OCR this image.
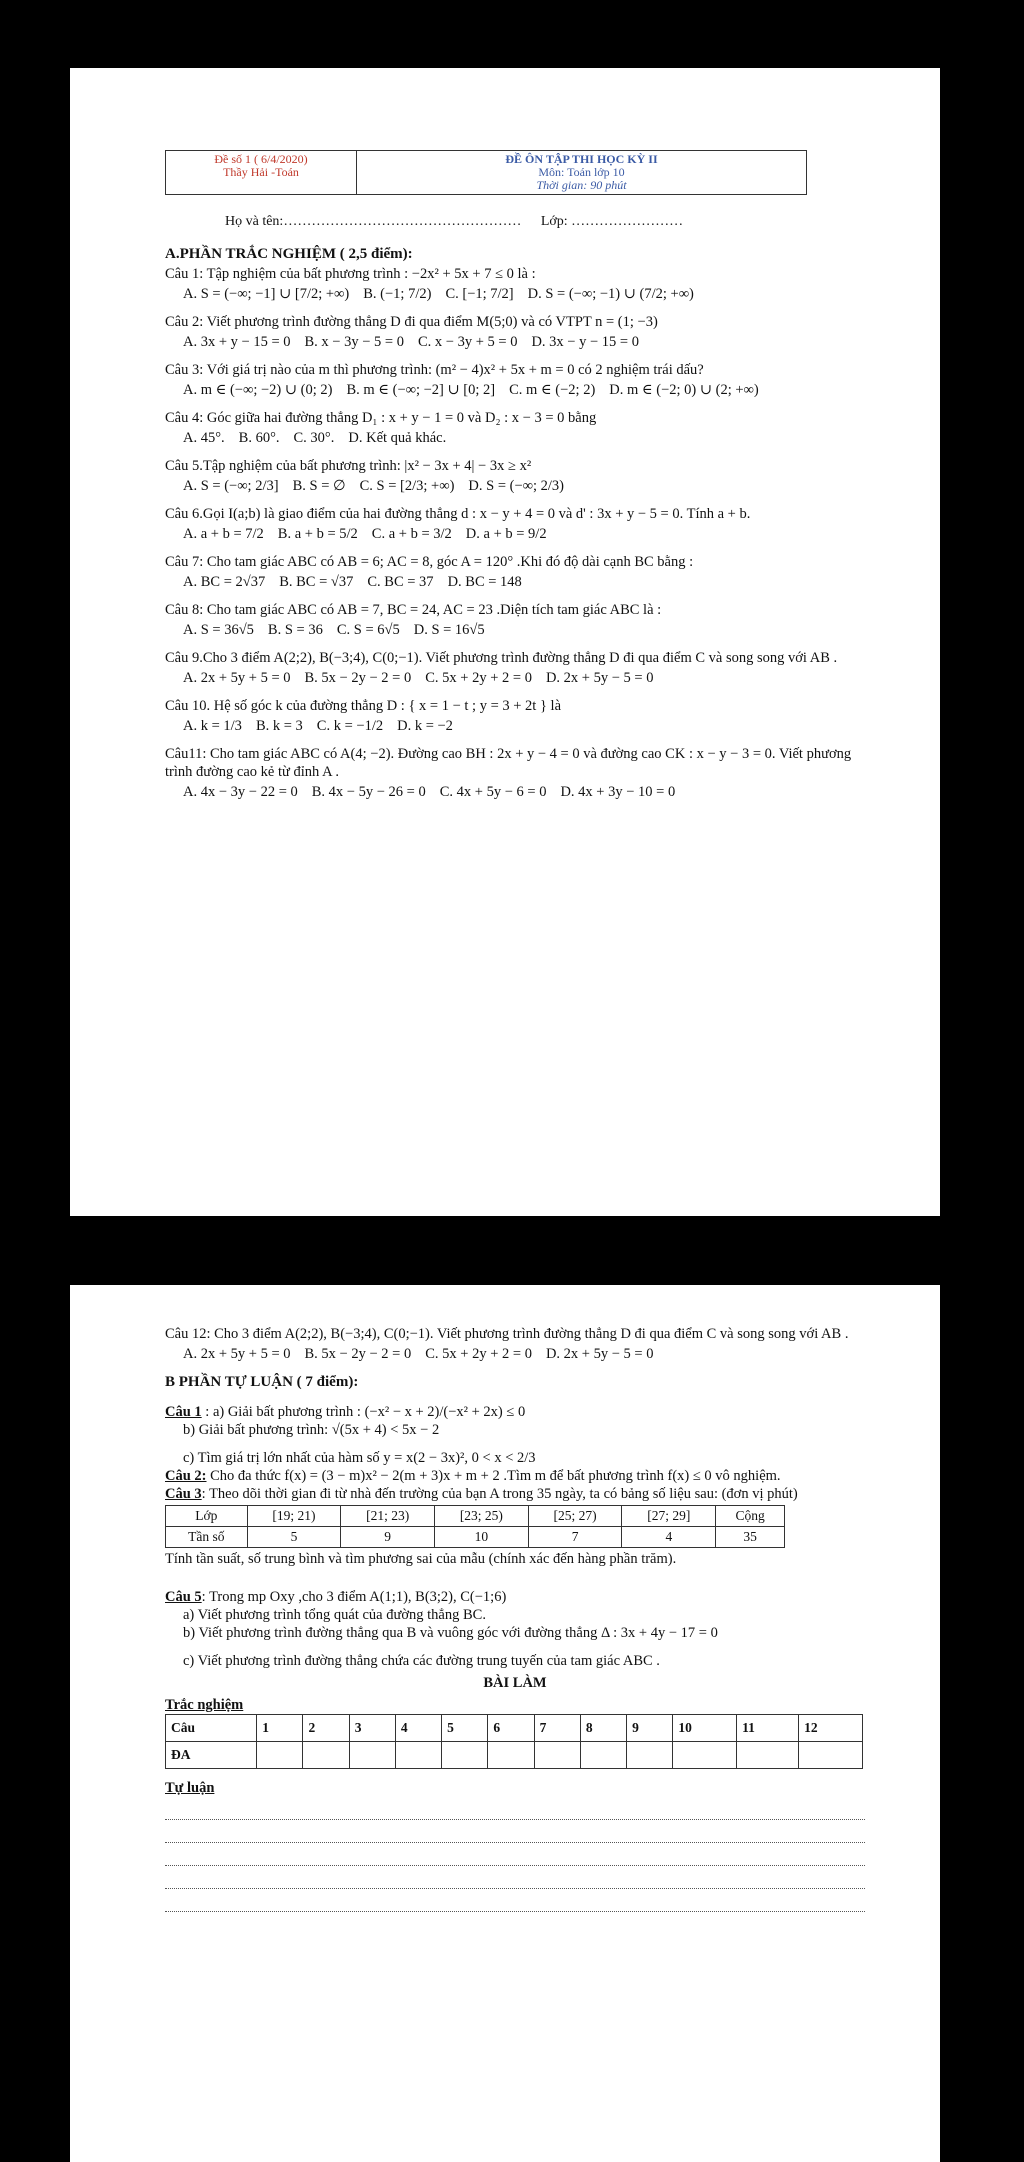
Đề số 1 ( 6/4/2020)
Thầy Hải -Toán
ĐỀ ÔN TẬP THI HỌC KỲ II
Môn: Toán lớp 10
Thời gian: 90 phút
Họ và tên:…………………………………………… Lớp: ……………………
A.PHẦN TRẮC NGHIỆM ( 2,5 điểm):

Câu 1: Tập nghiệm của bất phương trình : −2x² + 5x + 7 ≤ 0 là :

A. S = (−∞; −1] ∪ [7/2; +∞) B. (−1; 7/2) C. [−1; 7/2] D. S = (−∞; −1) ∪ (7/2; +∞)

Câu 2: Viết phương trình đường thẳng D đi qua điểm M(5;0) và có VTPT n = (1; −3)

A. 3x + y − 15 = 0 B. x − 3y − 5 = 0 C. x − 3y + 5 = 0 D. 3x − y − 15 = 0

Câu 3: Với giá trị nào của m thì phương trình: (m² − 4)x² + 5x + m = 0 có 2 nghiệm trái dấu?

A. m ∈ (−∞; −2) ∪ (0; 2) B. m ∈ (−∞; −2] ∪ [0; 2] C. m ∈ (−2; 2) D. m ∈ (−2; 0) ∪ (2; +∞)

Câu 4: Góc giữa hai đường thẳng D₁ : x + y − 1 = 0 và D₂ : x − 3 = 0 bằng

A. 45°. B. 60°. C. 30°. D. Kết quả khác.

Câu 5.Tập nghiệm của bất phương trình: |x² − 3x + 4| − 3x ≥ x²

A. S = (−∞; 2/3] B. S = ∅ C. S = [2/3; +∞) D. S = (−∞; 2/3)

Câu 6.Gọi I(a;b) là giao điểm của hai đường thẳng d : x − y + 4 = 0 và d' : 3x + y − 5 = 0. Tính a + b.

A. a + b = 7/2 B. a + b = 5/2 C. a + b = 3/2 D. a + b = 9/2

Câu 7: Cho tam giác ABC có AB = 6; AC = 8, góc A = 120° .Khi đó độ dài cạnh BC bằng :

A. BC = 2√37 B. BC = √37 C. BC = 37 D. BC = 148

Câu 8: Cho tam giác ABC có AB = 7, BC = 24, AC = 23 .Diện tích tam giác ABC là :

A. S = 36√5 B. S = 36 C. S = 6√5 D. S = 16√5

Câu 9.Cho 3 điểm A(2;2), B(−3;4), C(0;−1). Viết phương trình đường thẳng D đi qua điểm C và song song với AB .

A. 2x + 5y + 5 = 0 B. 5x − 2y − 2 = 0 C. 5x + 2y + 2 = 0 D. 2x + 5y − 5 = 0

Câu 10. Hệ số góc k của đường thẳng D : { x = 1 − t ; y = 3 + 2t } là

A. k = 1/3 B. k = 3 C. k = −1/2 D. k = −2

Câu11: Cho tam giác ABC có A(4; −2). Đường cao BH : 2x + y − 4 = 0 và đường cao CK : x − y − 3 = 0. Viết phương trình đường cao kẻ từ đỉnh A .

A. 4x − 3y − 22 = 0 B. 4x − 5y − 26 = 0 C. 4x + 5y − 6 = 0 D. 4x + 3y − 10 = 0

Câu 12: Cho 3 điểm A(2;2), B(−3;4), C(0;−1). Viết phương trình đường thẳng D đi qua điểm C và song song với AB .

A. 2x + 5y + 5 = 0 B. 5x − 2y − 2 = 0 C. 5x + 2y + 2 = 0 D. 2x + 5y − 5 = 0
B PHẦN TỰ LUẬN ( 7 điểm):

Câu 1 : a) Giải bất phương trình : (−x² − x + 2)/(−x² + 2x) ≤ 0

b) Giải bất phương trình: √(5x + 4) < 5x − 2

c) Tìm giá trị lớn nhất của hàm số y = x(2 − 3x)², 0 < x < 2/3

Câu 2: Cho đa thức f(x) = (3 − m)x² − 2(m + 3)x + m + 2 .Tìm m để bất phương trình f(x) ≤ 0 vô nghiệm.

Câu 3: Theo dõi thời gian đi từ nhà đến trường của bạn A trong 35 ngày, ta có bảng số liệu sau: (đơn vị phút)

Lớp	[19; 21)	[21; 23)	[23; 25)	[25; 27)	[27; 29]	Cộng
Tần số	5	9	10	7	4	35

Tính tần suất, số trung bình và tìm phương sai của mẫu (chính xác đến hàng phần trăm).

Câu 5: Trong mp Oxy ,cho 3 điểm A(1;1), B(3;2), C(−1;6)

a) Viết phương trình tổng quát của đường thẳng BC.

b) Viết phương trình đường thẳng qua B và vuông góc với đường thẳng Δ : 3x + 4y − 17 = 0

c) Viết phương trình đường thẳng chứa các đường trung tuyến của tam giác ABC .

BÀI LÀM
Trắc nghiệm
Câu	1	2	3	4	5	6	7	8	9	10	11	12
ĐA												
Tự luận
